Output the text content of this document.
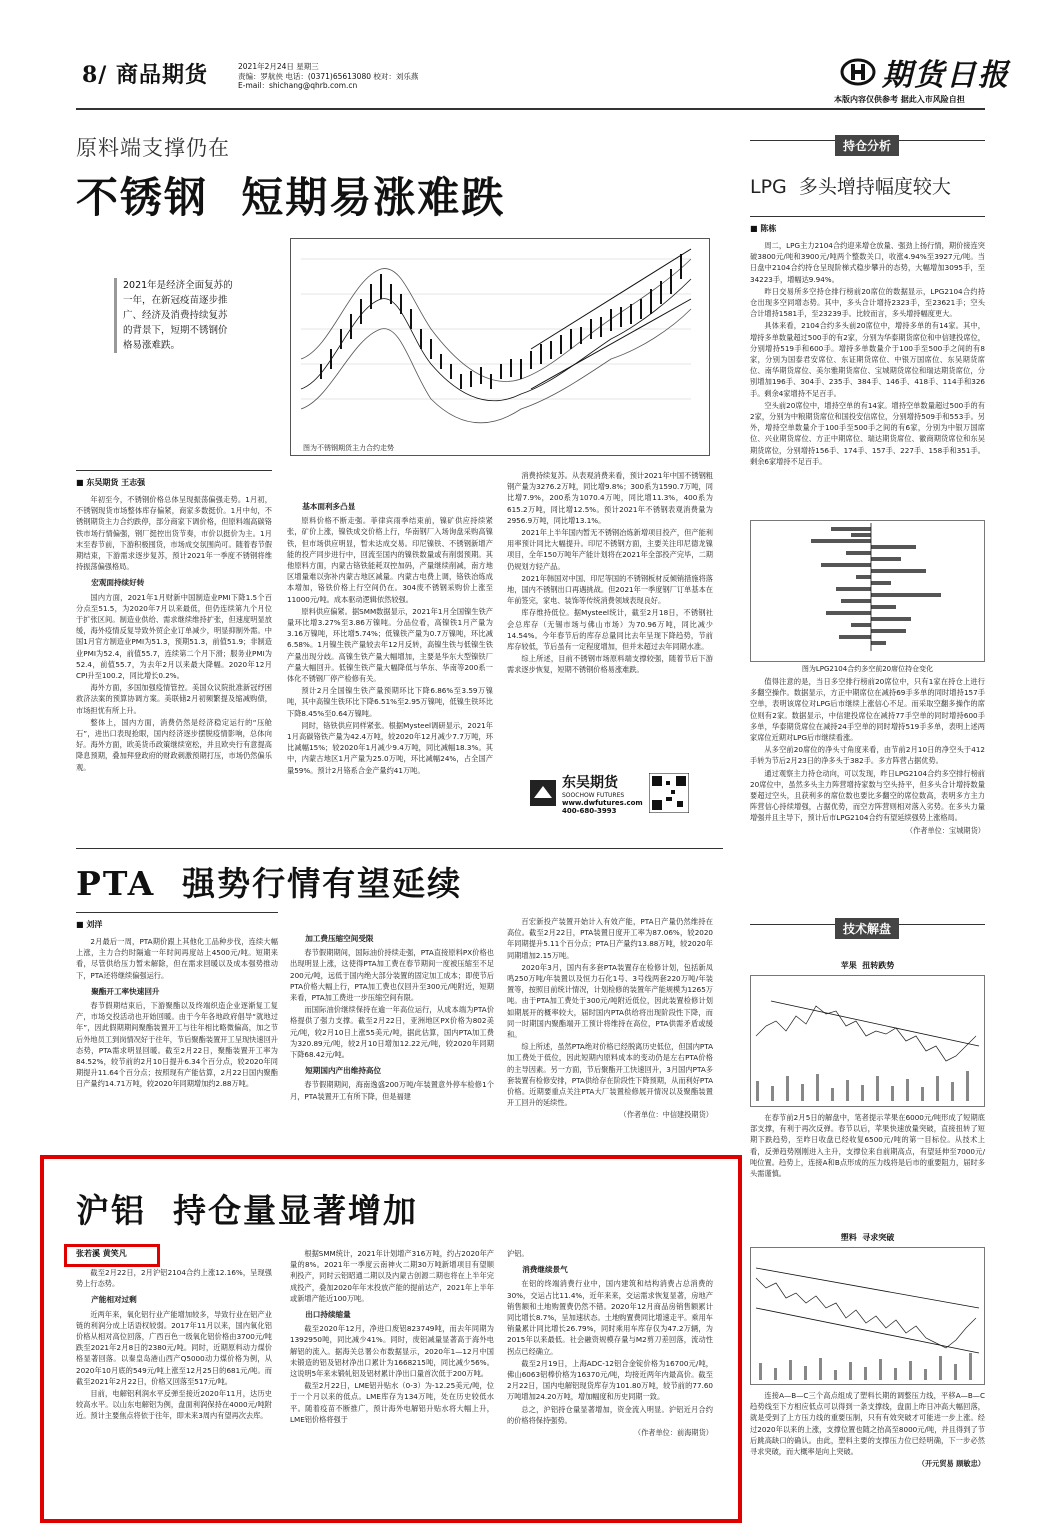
8/ 商品期货	2021年2月24日 星期三
责编：罗航侠 电话：(0371)65613080 校对：刘乐燕
E-mail：shichang@qhrb.com.cn	期货日报
本版内容仅供参考 据此入市风险自担
原料端支撑仍在
不锈钢  短期易涨难跌
2021年是经济全面复苏的一年，在新冠疫苗逐步推广、经济及消费持续复苏的背景下，短期不锈钢价格易涨难跌。
图为不锈钢期货主力合约走势
■ 东吴期货 王志强

年初至今，不锈钢价格总体呈现振荡偏强走势。1月初，不锈钢现货市场整体库存偏紧，商家多数挺价。1月中旬，不锈钢期货主力合约跌停，部分商家下调价格，但原料端高碳铬铁市场行情偏强，钢厂挺控出货节奏，市价以挺价为主。1月末至春节前，下游积极囤货，市场成交氛围尚可。随着春节假期结束，下游需求逐步复苏，预计2021年一季度不锈钢将维持振荡偏强格局。

宏观面持续好转

国内方面，2021年1月财新中国制造业PMI下降1.5个百分点至51.5，为2020年7月以来最低，但仍连续第九个月位于扩张区间。制造业供给、需求继续维持扩张，但速度明显放缓，海外疫情反复导致外贸企业订单减少，明显抑制外需。中国1月官方制造业PMI为51.3，预期51.3，前值51.9；非制造业PMI为52.4，前值55.7，连续第二个月下滑；服务业PMI为52.4，前值55.7，为去年2月以来最大降幅。2020年12月CPI升至100.2，同比增长0.2%。

海外方面，多国加强疫情管控。美国众议院批准新冠纾困救济法案的预算协调方案。美联储2月初频繁提及缩减购债，市场担忧有所上升。

整体上，国内方面，消费仍然是经济稳定运行的“压舱石”，进出口表现抢眼，国内经济逐步摆脱疫情影响，总体向好。海外方面，欧美货币政策继续宽松，并且欧央行有意提高降息预期，叠加拜登政府的财政刺激预期打压，市场仍然偏乐观。

基本面利多凸显

原料价格不断走强。菲律宾雨季结束前，镍矿供应持续紧张，矿价上涨，镍铁成交价格上行，华南钢厂入场询盘采购高镍铁，但市场供应明显，暂未达成交易。印尼镍铁、不锈钢新增产能的投产同步进行中，回流至国内的镍铁数量或有削弱预期。其他原料方面，内蒙古铬铁能耗双控加码，产量继续削减，南方地区增量难以弥补内蒙古地区减量。内蒙古电费上调，铬铁冶炼成本增加，铬铁价格上行空间仍在。304废不锈钢采购价上涨至11000元/吨。成本驱动逻辑依然较强。

原料供应偏紧。据SMM数据显示，2021年1月全国镍生铁产量环比增3.27%至3.86万镍吨。分品位看，高镍铁1月产量为3.16万镍吨，环比增5.74%；低镍铁产量为0.7万镍吨，环比减6.58%。1月镍生铁产量较去年12月反转，高镍生铁与低镍生铁产量出现分歧。高镍生铁产量大幅增加，主要是华东大型镍铁厂产量大幅回升。低镍生铁产量大幅降低与华东、华南等200系一体化不锈钢厂停产检修有关。

预计2月全国镍生铁产量预期环比下降6.86%至3.59万镍吨，其中高镍生铁环比下降6.51%至2.95万镍吨，低镍生铁环比下降8.45%至0.64万镍吨。

同时，铬铁供应同样紧张。根据Mysteel调研显示，2021年1月高碳铬铁产量为42.4万吨，较2020年12月减少7.7万吨，环比减幅15%；较2020年1月减少9.4万吨，同比减幅18.3%。其中，内蒙古地区1月产量为25.0万吨，环比减幅24%，占全国产量59%。预计2月铬系合金产量约41万吨。

消费持续复苏。从表观消费来看，预计2021年中国不锈钢粗钢产量为3276.2万吨，同比增9.8%；300系为1590.7万吨，同比增7.9%，200系为1070.4万吨，同比增11.3%，400系为615.2万吨，同比增12.5%。预计2021年不锈钢表观消费量为2956.9万吨，同比增13.1%。

2021年上半年国内暂无不锈钢冶炼新增项目投产，但产能利用率预计同比大幅提升。印尼不锈钢方面，主要关注印尼德龙镍项目，全年150万吨年产能计划将在2021年全部投产完毕，二期仍规划方轻产品。

2021年韩国对中国、印尼等国的不锈钢板材反倾销措施将落地，国内不锈钢出口再遇挑战。但2021年一季度钢厂订单基本在年前签完，家电、装饰等传统消费领域表现良好。

库存维持低位。据Mysteel统计，截至2月18日，不锈钢社会总库存（无锡市场与佛山市场）为70.96万吨，同比减少14.54%。今年春节后的库存总量同比去年呈现下降趋势，节前库存较低，节后虽有一定程度增加，但并未超过去年同期水准。

综上所述，目前不锈钢市场原料端支撑较强，随着节后下游需求逐步恢复，短期不锈钢价格易涨难跌。

东吴期货
SOOCHOW FUTURES
www.dwfutures.com
400-680-3993
持仓分析
LPG  多头增持幅度较大
■ 陈栋

周二，LPG主力2104合约迎来增仓放量、强劲上扬行情，期价接连突破3800元/吨和3900元/吨两个整数关口，收涨4.94%至3927元/吨。当日盘中2104合约持仓呈现阶梯式稳步攀升的态势，大幅增加3095手，至34223手，增幅达9.94%。

昨日交易所多空持仓排行榜前20席位的数据显示，LPG2104合约持仓出现多空同增态势。其中，多头合计增持2323手，至23621手；空头合计增持1581手，至23239手。比较而言，多头增持幅度更大。

具体来看，2104合约多头前20席位中，增持多单的有14家。其中，增持多单数量超过500手的有2家，分别为华泰期货席位和中信建投席位，分别增持519手和600手。增持多单数量介于100手至500手之间的有8家，分别为国泰君安席位、东证期货席位、中银万国席位、东吴期货席位、南华期货席位、美尔雅期货席位、宝城期货席位和瑞达期货席位，分别增加196手、304手、235手、384手、146手、418手、114手和326手。剩余4家增持不足百手。

空头前20席位中，增持空单的有14家。增持空单数量超过500手的有2家，分别为中粮期货席位和国投安信席位，分别增持509手和553手。另外，增持空单数量介于100手至500手之间的有6家，分别为中银万国席位、兴业期货席位、方正中期席位、瑞达期货席位、徽商期货席位和东吴期货席位，分别增持156手、174手、157手、227手、158手和351手。剩余6家增持不足百手。

图为LPG2104合约多空前20席位持仓变化

值得注意的是，当日多空排行榜前20席位中，只有1家在持仓上进行多翻空操作。数据显示，方正中期席位在减持69手多单的同时增持157手空单，表明该席位对LPG后市继续上涨信心不足。而采取空翻多操作的席位则有2家。数据显示，中信建投席位在减持77手空单的同时增持600手多单，华泰期货席位在减持24手空单的同时增持519手多单，表明上述两家席位近期对LPG后市继续看涨。

从多空前20席位的净头寸角度来看，由节前2月10日的净空头于412手转为节后2月23日的净多头于382手。多方阵营占据优势。

通过观察主力持仓动向，可以发现，昨日LPG2104合约多空排行榜前20席位中，虽然多头主力阵营增持家数与空头持平，但多头合计增持数量要超过空头，且获利多的席位数也要比多翻空的席位数高，表明多方主力阵营信心持续增强，占据优势，而空方阵营则相对落入劣势。在多头力量增强并且主导下，预计后市LPG2104合约有望延续强势上涨格局。

（作者单位：宝城期货）
PTA  强势行情有望延续
■ 刘洋

2月最后一周，PTA期价跟上其他化工品种步伐，连续大幅上涨，主力合约时隔逾一年时间再度站上4500元/吨。短期来看，尽管供给压力暂未解除，但在需求回暖以及成本强势推动下，PTA还将继续偏强运行。

聚酯开工率快速回升

春节假期结束后，下游聚酯以及终端织造企业逐渐复工复产，市场交投活动也开始回暖。由于今年各地政府倡导“就地过年”，因此假期期间聚酯装置开工与往年相比略微偏高，加之节后外地员工到岗情况好于往年，节后聚酯装置开工呈现快速回升态势，PTA需求明显回暖。截至2月22日，聚酯装置开工率为84.52%，较节前的2月10日提升6.34个百分点，较2020年同期提升11.64个百分点；按照现有产能估算，2月22日国内聚酯日产量约14.71万吨，较2020年同期增加约2.88万吨。

加工费压缩空间受限

春节假期期间，国际油价持续走强，PTA直接原料PX价格也出现明显上涨，这使得PTA加工费在春节期间一度被压缩至不足200元/吨，远低于国内绝大部分装置的固定加工成本；即使节后PTA价格大幅上行，PTA加工费也仅回升至300元/吨附近，短期来看，PTA加工费进一步压缩空间有限。

而国际油价继续保持在逾一年高位运行，从成本端为PTA价格提供了强力支撑。截至2月22日，亚洲地区PX价格为802美元/吨，较2月10日上涨55美元/吨，据此估算，国内PTA加工费为320.89元/吨，较2月10日增加12.22元/吨，较2020年同期下降68.42元/吨。

短期国内产出维持高位

春节假期期间，海南逸盛200万吨/年装置意外停车检修1个月，PTA装置开工有所下降，但是福建

百宏新投产装置开始计入有效产能，PTA日产量仍然维持在高位。截至2月22日，PTA装置日度开工率为87.06%，较2020年同期提升5.11个百分点；PTA日产量约13.88万吨，较2020年同期增加2.15万吨。

2020年3月，国内有多套PTA装置存在检修计划，包括新凤鸣250万吨/年装置以及恒力石化1号、3号线两套220万吨/年装置等，按照目前统计情况，计划检修的装置年产能规模为1265万吨。由于PTA加工费处于300元/吨附近低位，因此装置检修计划如期展开的概率较大，届时国内PTA供给将出现阶段性下降，而同一时期国内聚酯端开工预计将维持在高位，PTA供需矛盾或缓和。

综上所述，虽然PTA绝对价格已经脱离历史低位，但国内PTA加工费处于低位，因此短期内原料成本的变动仍是左右PTA价格的主导因素。另一方面，节后聚酯开工快速回升，3月国内PTA多套装置有检修安排，PTA供给存在阶段性下降预期，从而利好PTA价格。近期要重点关注PTA大厂装置检修展开情况以及聚酯装置开工回升的延续性。

（作者单位：中信建投期货）
沪铝  持仓量显著增加
张若溪 黄笑凡

截至2月22日，2月沪铝2104合约上涨12.16%，呈现强势上行态势。

产能相对过剩

近两年来，氧化铝行业产能增加较多，导致行业在铝产业链的利润分成上话语权较弱。2017年11月以来，国内氧化铝价格从相对高位回落，广西百色一级氧化铝价格由3700元/吨跌至2021年2月8日的2380元/吨。同时，近期原料动力煤价格显著回落。以秦皇岛港山西产Q5000动力煤价格为例，从2020年10月底的549元/吨上涨至12月25日的681元/吨。而截至2021年2月22日，价格又回落至517元/吨。

目前，电解铝利润水平反弹至接近2020年11月，达历史较高水平。以山东电解铝为例，盘面利润保持在4000元/吨附近。预计主要焦点将依于往年，即未来3周内有望再次去库。

根据SMM统计，2021年计划增产316万吨，约占2020年产量的8%。2021年一季度云南神火二期30万吨新增项目有望顺利投产，同时云铝昭通二期以及内蒙古创源二期也将在上半年完成投产，叠加2020年年末投放产能的提前达产，2021年上半年或新增产能近100万吨。

出口持续缩量

截至2020年12月，净进口废铝823749吨，而去年同期为1392950吨，同比减少41%。同时，废铝减量显著高于海外电解铝的流入。据海关总署公布数据显示，2020年1—12月中国未锻造的铝及铝材净出口累计为1668215吨，同比减少56%。这说明5年来未锻轧铝及铝材累计净出口量首次低于200万吨。

截至2月22日，LME铝升贴水（0-3）为-12.25美元/吨，位于一个月以来的低点。LME库存为134万吨，处在历史较低水平。随着疫苗不断推广，预计海外电解铝升贴水将大幅上升，LME铝价格将强于

沪铝。

消费继续景气

在铝的终端消费行业中，国内建筑和结构消费占总消费的30%，交运占比11.4%，近年来来，交运需求恢复显著，房地产销售额和土地购置费仍然不错。2020年12月商品房销售额累计同比增长8.7%，呈加速状态。土地购置费同比增速走平。乘用车销量累计同比增长26.79%，同时乘用车库存仅为47.2万辆，为2015年以来最低。社会融资规模存量与M2剪刀差回落，流动性拐点已经确立。

截至2月19日，上海ADC-12铝合金锭价格为16700元/吨，佛山6063铝棒价格为16370元/吨，均接近两年内最高价。截至2月22日，国内电解铝现货库存为101.80万吨，较节前的77.60万吨增加24.20万吨，增加幅度和历史同期一致。

总之，沪铝持仓量显著增加，资金流入明显。沪铝近月合约的价格将保持强势。

（作者单位：前海期货）
技术解盘
苹果  扭转跌势

在春节前2月5日的解盘中，笔者提示苹果在6000元/吨形成了短期底部支撑，有利于再次反弹。春节以后，苹果快速放量突破，直接扭转了短期下跌趋势，至昨日收盘已经收复6500元/吨的第一目标位。从技术上看，反弹趋势刚刚进入主升，支撑位来自前期高点，有望延伸至7000元/吨位置。趋势上，连接A和B点形成的压力线将是后市的重要阻力，届时多头需谨慎。

塑料  寻求突破

连接A—B—C三个高点组成了塑料长期的调整压力线，平移A—B—C趋势线至下方相应低点可以得到一条支撑线，盘面上昨日冲高大幅回落，就是受到了上方压力线的重要压制，只有有效突破才可能进一步上涨。经过2020年以来的上涨，支撑位置也随之抬高至8000元/吨，并且得到了节后跳高缺口的确认。由此，塑料主要的支撑压力位已经明确，下一步必然寻求突破，而大概率是向上突破。

（开元贸易 顾敏忠）
